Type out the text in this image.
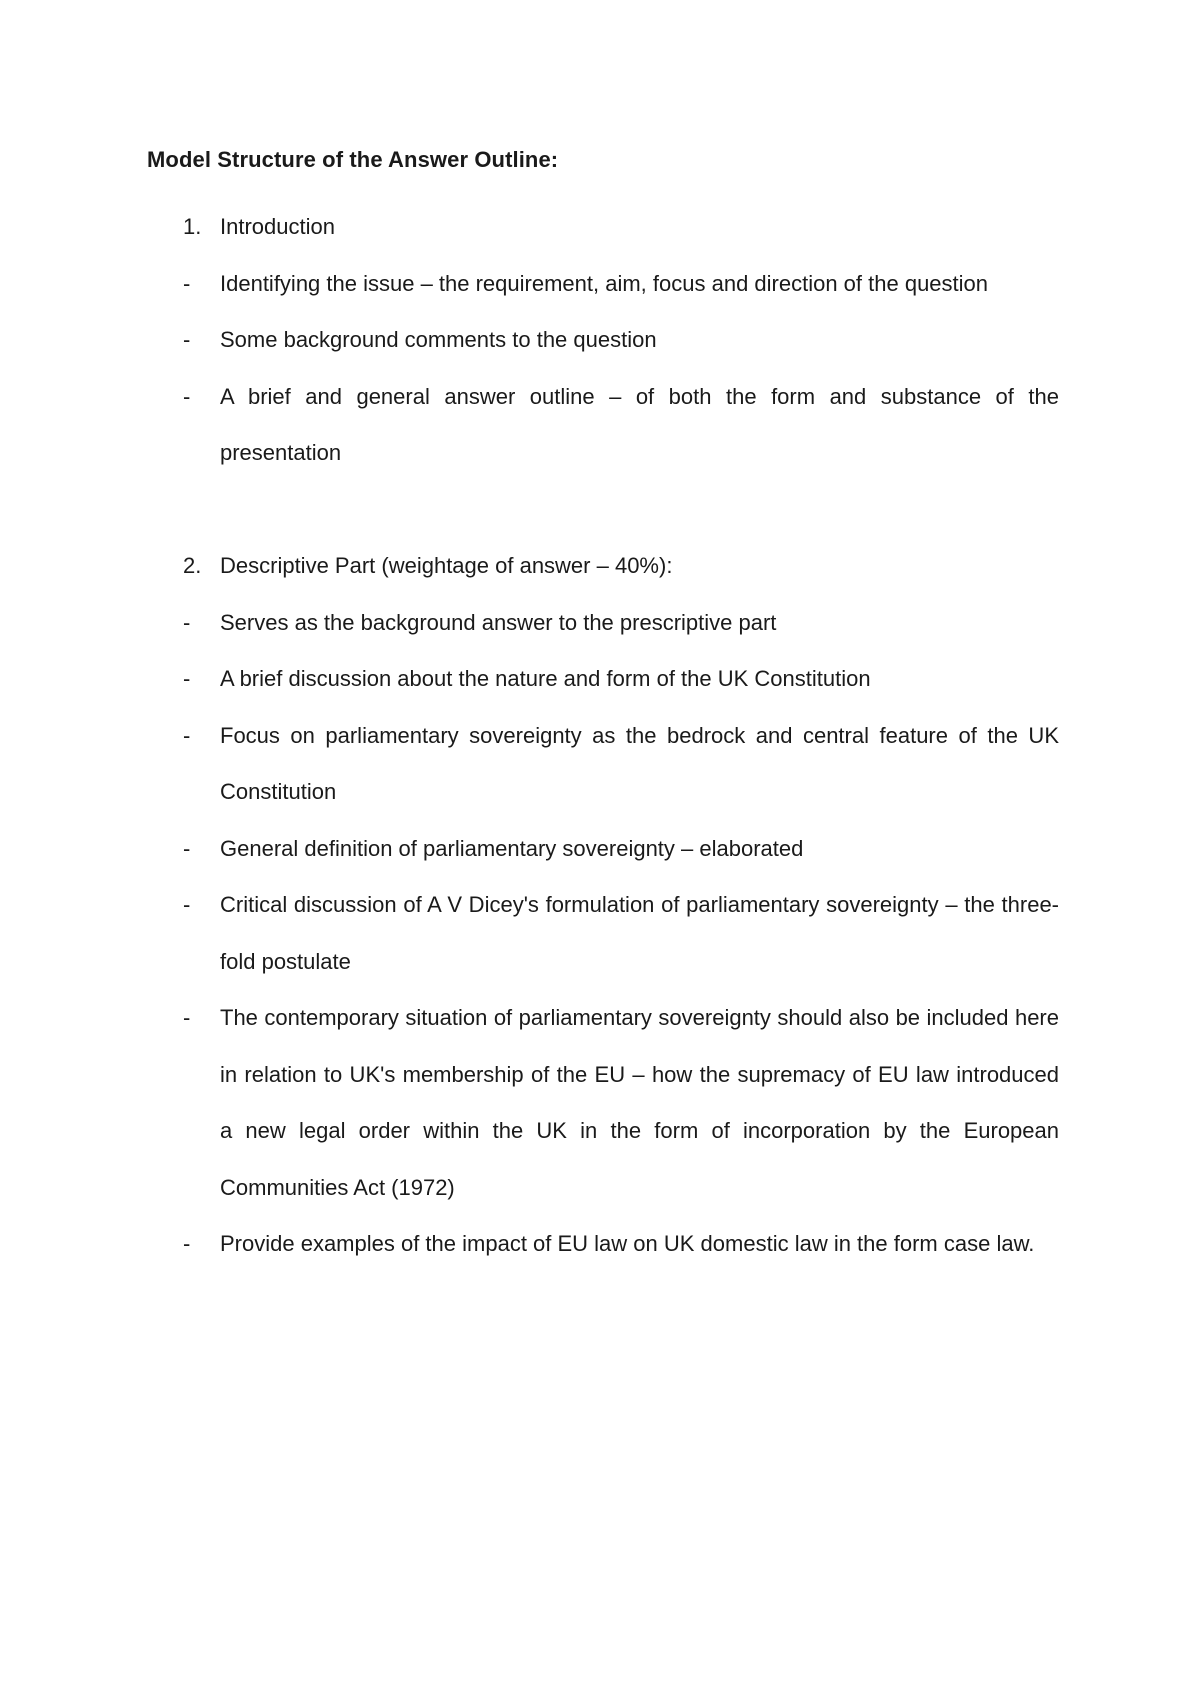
Model Structure of the Answer Outline:
1. Introduction
-	Identifying the issue – the requirement, aim, focus and direction of the question
-	Some background comments to the question
-	A brief and general answer outline – of both the form and substance of the presentation
2. Descriptive Part (weightage of answer – 40%):
-	Serves as the background answer to the prescriptive part
-	A brief discussion about the nature and form of the UK Constitution
-	Focus on parliamentary sovereignty as the bedrock and central feature of the UK Constitution
-	General definition of parliamentary sovereignty – elaborated
-	Critical discussion of A V Dicey's formulation of parliamentary sovereignty – the three-fold postulate
-	The contemporary situation of parliamentary sovereignty should also be included here in relation to UK's membership of the EU – how the supremacy of EU law introduced a new legal order within the UK in the form of incorporation by the European Communities Act (1972)
-	Provide examples of the impact of EU law on UK domestic law in the form case law.
